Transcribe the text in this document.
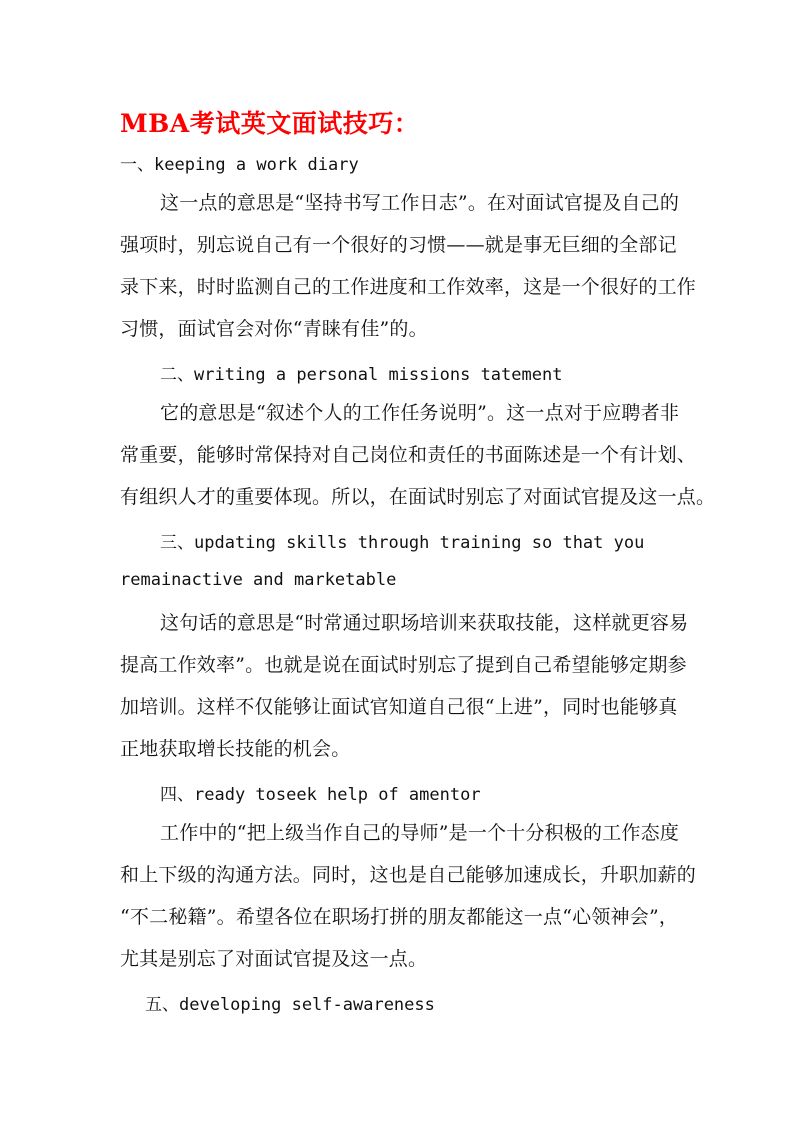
MBA考试英文面试技巧：
一、keeping a work diary
这一点的意思是“坚持书写工作日志”。在对面试官提及自己的
强项时，别忘说自己有一个很好的习惯——就是事无巨细的全部记
录下来，时时监测自己的工作进度和工作效率，这是一个很好的工作
习惯，面试官会对你“青睐有佳”的。
二、writing a personal missions tatement
它的意思是“叙述个人的工作任务说明”。这一点对于应聘者非
常重要，能够时常保持对自己岗位和责任的书面陈述是一个有计划、
有组织人才的重要体现。所以，在面试时别忘了对面试官提及这一点。
三、updating skills through training so that you
remainactive and marketable
这句话的意思是“时常通过职场培训来获取技能，这样就更容易
提高工作效率”。也就是说在面试时别忘了提到自己希望能够定期参
加培训。这样不仅能够让面试官知道自己很“上进”，同时也能够真
正地获取增长技能的机会。
四、ready toseek help of amentor
工作中的“把上级当作自己的导师”是一个十分积极的工作态度
和上下级的沟通方法。同时，这也是自己能够加速成长，升职加薪的
“不二秘籍”。希望各位在职场打拼的朋友都能这一点“心领神会”，
尤其是别忘了对面试官提及这一点。
五、developing self-awareness
